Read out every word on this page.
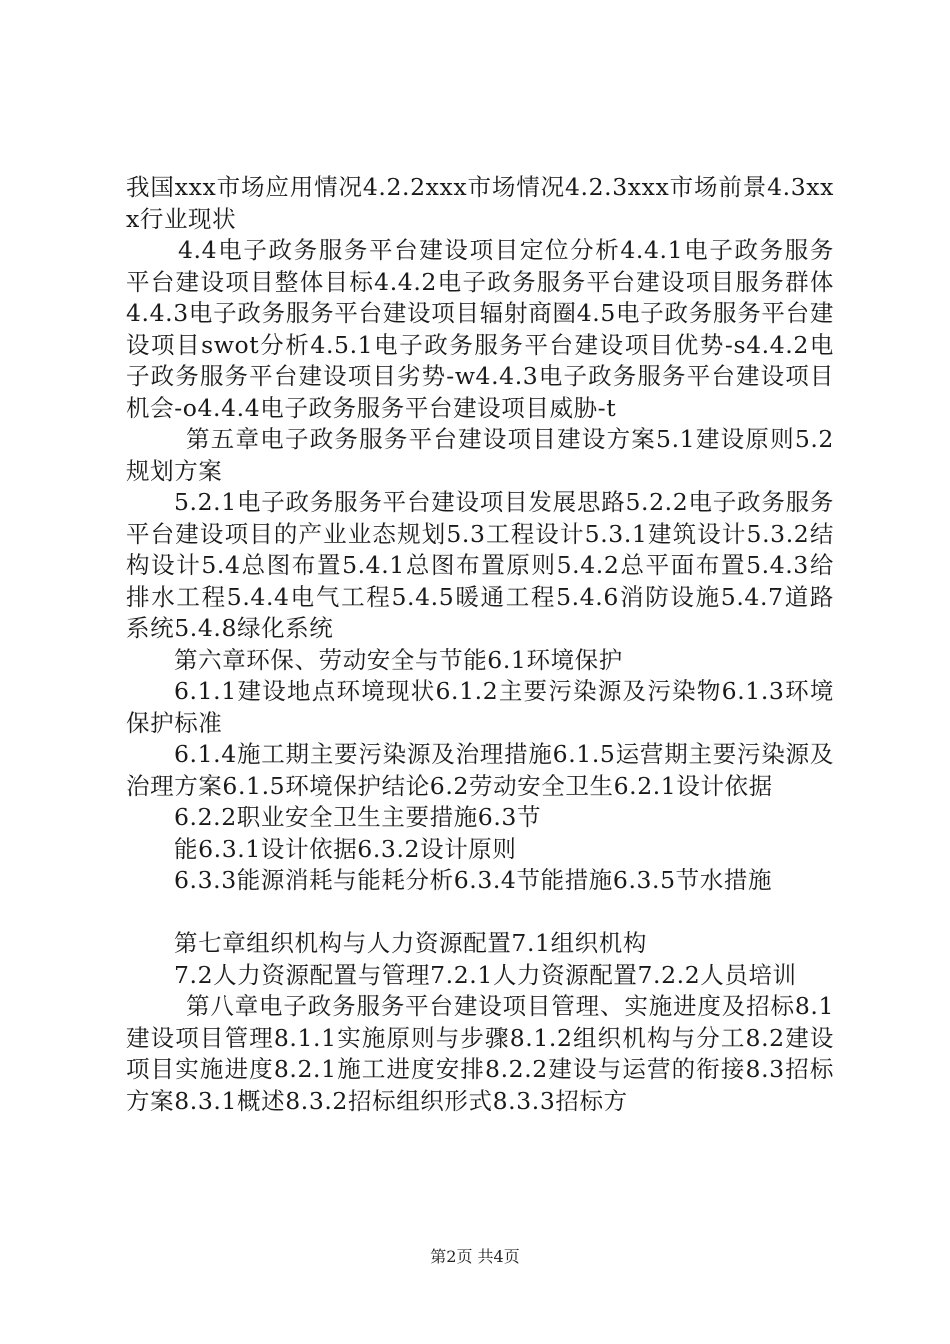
我国xxx市场应用情况4.2.2xxx市场情况4.2.3xxx市场前景4.3xxx行业现状

4.4电子政务服务平台建设项目定位分析4.4.1电子政务服务平台建设项目整体目标4.4.2电子政务服务平台建设项目服务群体4.4.3电子政务服务平台建设项目辐射商圈4.5电子政务服务平台建设项目swot分析4.5.1电子政务服务平台建设项目优势-s4.4.2电子政务服务平台建设项目劣势-w4.4.3电子政务服务平台建设项目机会-o4.4.4电子政务服务平台建设项目威胁-t

第五章电子政务服务平台建设项目建设方案5.1建设原则5.2规划方案

5.2.1电子政务服务平台建设项目发展思路5.2.2电子政务服务平台建设项目的产业业态规划5.3工程设计5.3.1建筑设计5.3.2结构设计5.4总图布置5.4.1总图布置原则5.4.2总平面布置5.4.3给排水工程5.4.4电气工程5.4.5暖通工程5.4.6消防设施5.4.7道路系统5.4.8绿化系统

第六章环保、劳动安全与节能6.1环境保护

6.1.1建设地点环境现状6.1.2主要污染源及污染物6.1.3环境保护标准

6.1.4施工期主要污染源及治理措施6.1.5运营期主要污染源及治理方案6.1.5环境保护结论6.2劳动安全卫生6.2.1设计依据

6.2.2职业安全卫生主要措施6.3节

能6.3.1设计依据6.3.2设计原则

6.3.3能源消耗与能耗分析6.3.4节能措施6.3.5节水措施

第七章组织机构与人力资源配置7.1组织机构

7.2人力资源配置与管理7.2.1人力资源配置7.2.2人员培训

第八章电子政务服务平台建设项目管理、实施进度及招标8.1建设项目管理8.1.1实施原则与步骤8.1.2组织机构与分工8.2建设项目实施进度8.2.1施工进度安排8.2.2建设与运营的衔接8.3招标方案8.3.1概述8.3.2招标组织形式8.3.3招标方

第2页 共4页
